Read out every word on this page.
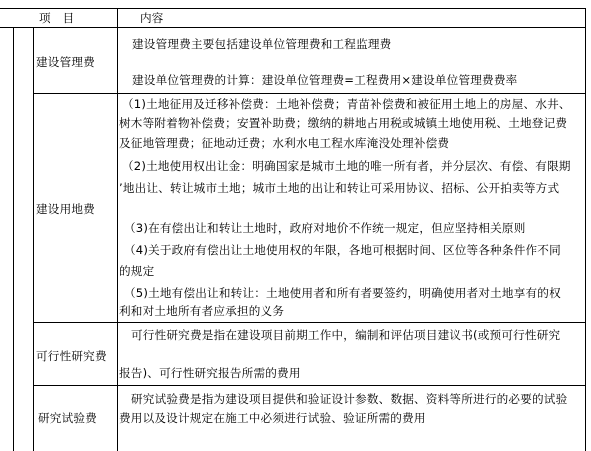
项　目	内容
建设管理费
建设管理费主要包括建设单位管理费和工程监理费
建设单位管理费的计算：建设单位管理费=工程费用×建设单位管理费费率
建设用地费
（1)土地征用及迁移补偿费：土地补偿费；青苗补偿费和被征用土地上的房屋、水井、
树木等附着物补偿费；安置补助费；缴纳的耕地占用税或城镇土地使用税、土地登记费
及征地管理费；征地动迁费；水利水电工程水库淹没处理补偿费
（2)土地使用权出让金：明确国家是城市土地的唯一所有者，并分层次、有偿、有限期
’地出让、转让城市土地；城市土地的出让和转让可采用协议、招标、公开拍卖等方式
（3)在有偿出让和转让土地时，政府对地价不作统一规定，但应坚持相关原则
（4)关于政府有偿出让土地使用权的年限，各地可根据时间、区位等各种条件作不同
的规定
（5)土地有偿出让和转让：土地使用者和所有者要签约，明确使用者对土地享有的权
利和对土地所有者应承担的义务
可行性研究费
可行性研究费是指在建设项目前期工作中，编制和评估项目建议书(或预可行性研究
报告)、可行性研究报告所需的费用
研究试验费
研究试验费是指为建设项目提供和验证设计参数、数据、资料等所进行的必要的试验
费用以及设计规定在施工中必须进行试验、验证所需的费用
